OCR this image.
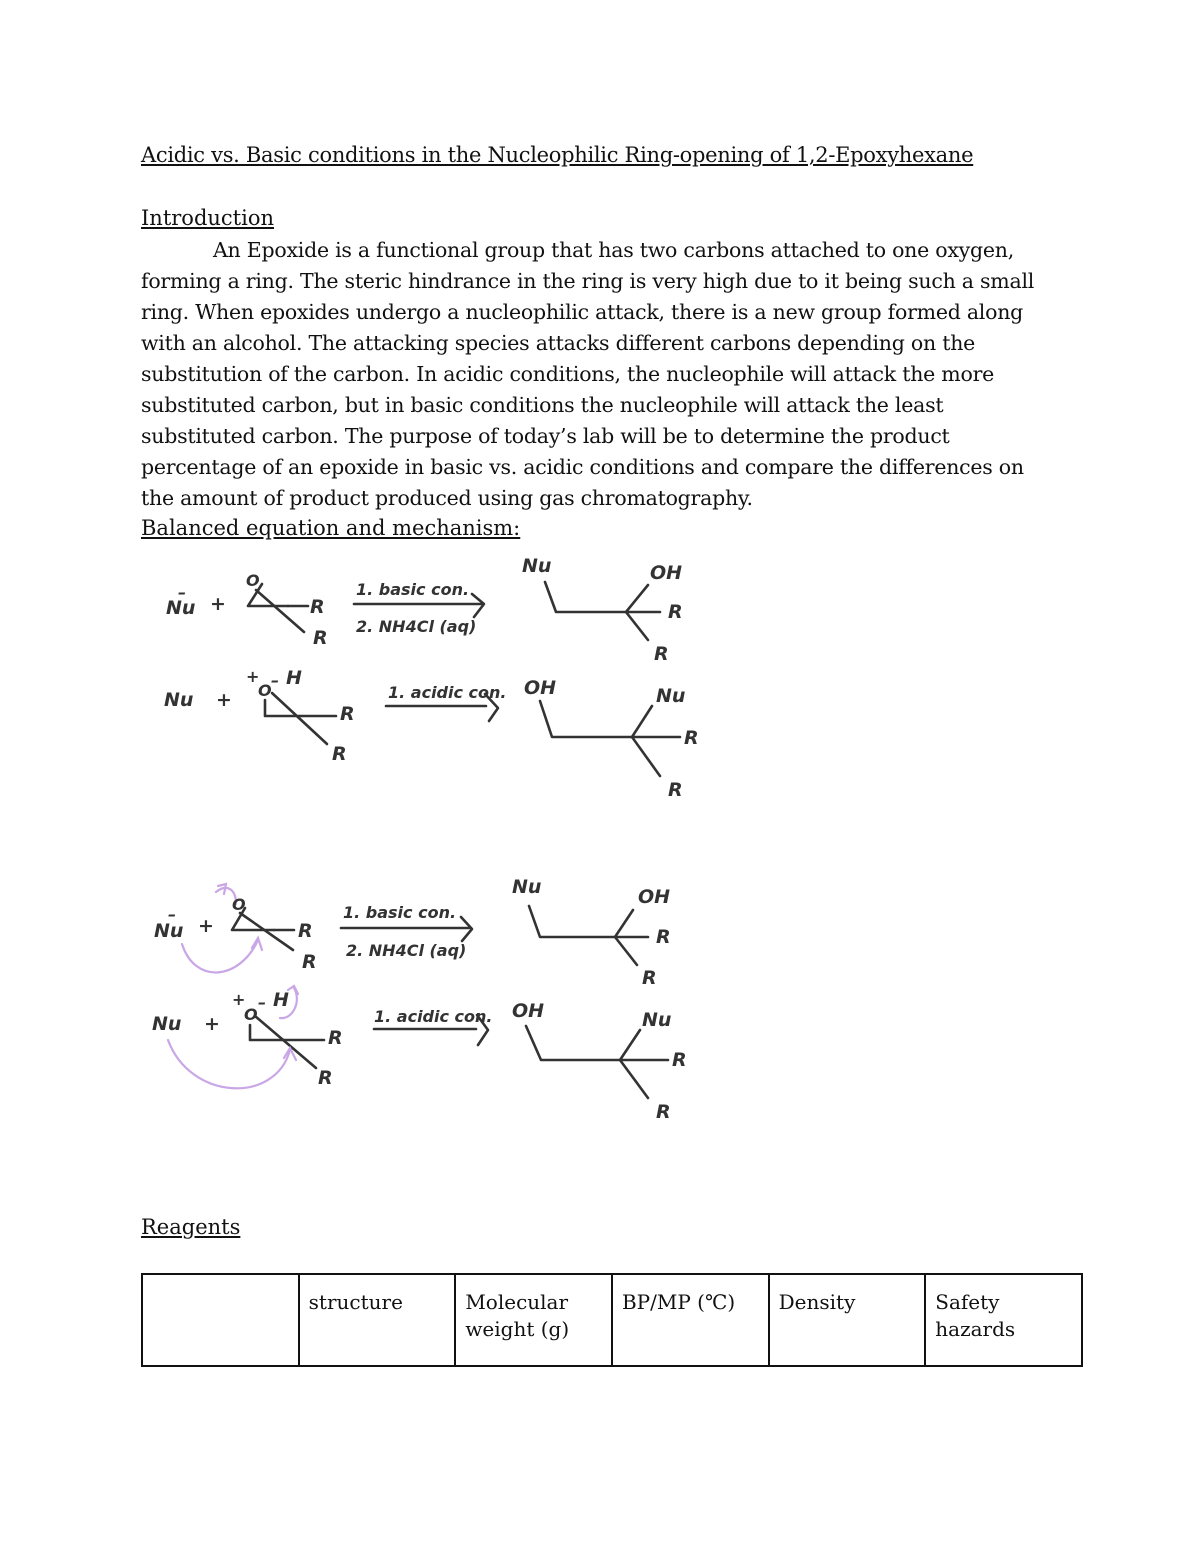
Acidic vs. Basic conditions in the Nucleophilic Ring-opening of 1,2-Epoxyhexane
Introduction
An Epoxide is a functional group that has two carbons attached to one oxygen, forming a ring. The steric hindrance in the ring is very high due to it being such a small ring. When epoxides undergo a nucleophilic attack, there is a new group formed along with an alcohol. The attacking species attacks different carbons depending on the substitution of the carbon. In acidic conditions, the nucleophile will attack the more substituted carbon, but in basic conditions the nucleophile will attack the least substituted carbon. The purpose of today’s lab will be to determine the product percentage of an epoxide in basic vs. acidic conditions and compare the differences on the amount of product produced using gas chromatography.
Balanced equation and mechanism:
Nu
–
+
O
R
R
1. basic con.
2. NH4Cl (aq)
Nu	OH
R
R
Nu +
+
O
– H
R
R
1. acidic con. OH	Nu
R
R
Nu
–
+
O
R
R
1. basic con.
2. NH4Cl (aq)
Nu	OH
R
R
Nu +
+
O
– H
R
R
1. acidic con. OH	Nu
R
R
Reagents
	structure	Molecular weight (g)	BP/MP (℃)	Density	Safety hazards
